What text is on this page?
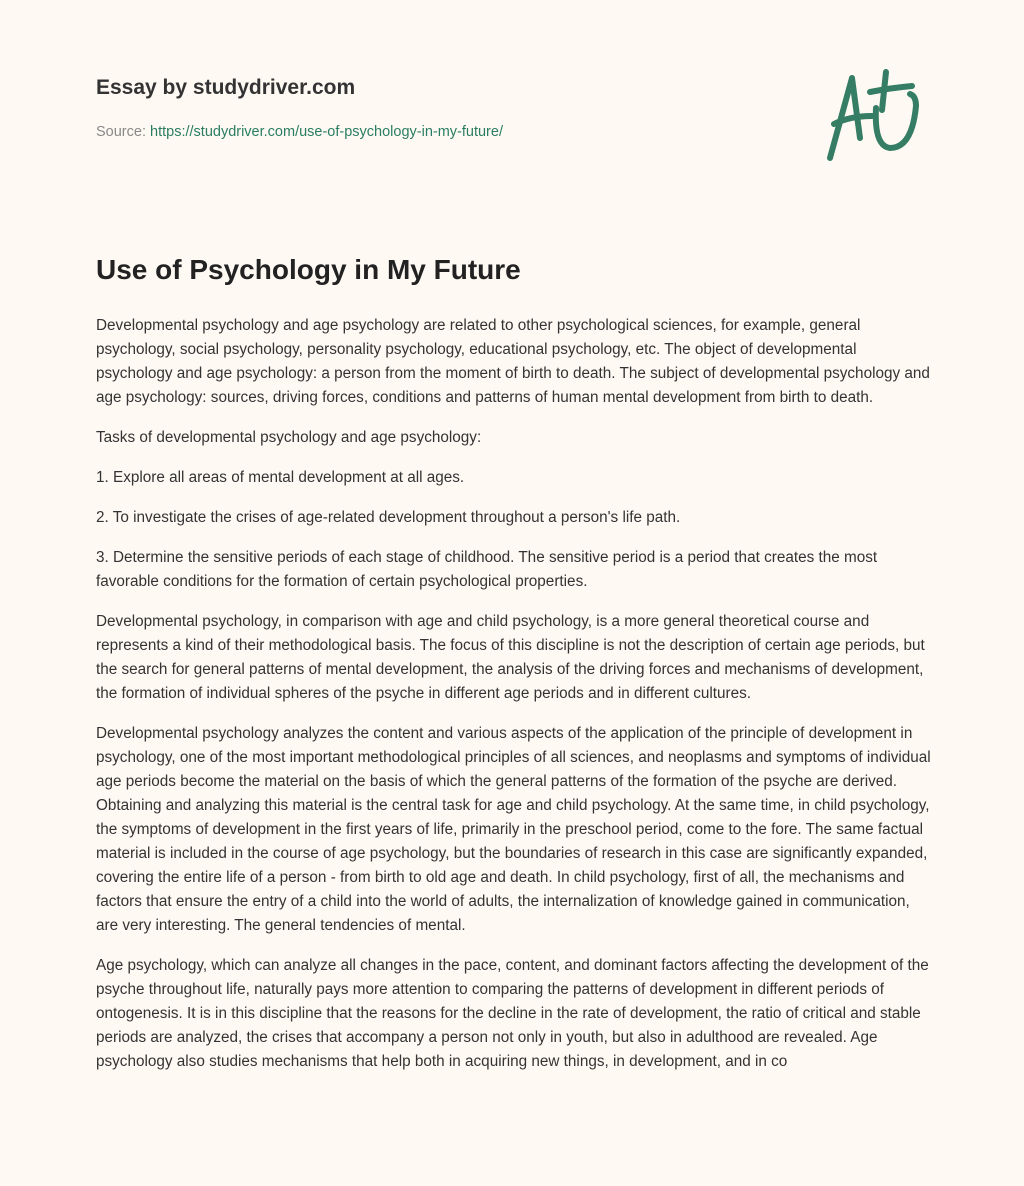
Essay by studydriver.com
Source: https://studydriver.com/use-of-psychology-in-my-future/
Use of Psychology in My Future

Developmental psychology and age psychology are related to other psychological sciences, for example, general psychology, social psychology, personality psychology, educational psychology, etc. The object of developmental psychology and age psychology: a person from the moment of birth to death. The subject of developmental psychology and age psychology: sources, driving forces, conditions and patterns of human mental development from birth to death.

Tasks of developmental psychology and age psychology:

1. Explore all areas of mental development at all ages.

2. To investigate the crises of age-related development throughout a person's life path.

3. Determine the sensitive periods of each stage of childhood. The sensitive period is a period that creates the most favorable conditions for the formation of certain psychological properties.

Developmental psychology, in comparison with age and child psychology, is a more general theoretical course and represents a kind of their methodological basis. The focus of this discipline is not the description of certain age periods, but the search for general patterns of mental development, the analysis of the driving forces and mechanisms of development, the formation of individual spheres of the psyche in different age periods and in different cultures.

Developmental psychology analyzes the content and various aspects of the application of the principle of development in psychology, one of the most important methodological principles of all sciences, and neoplasms and symptoms of individual age periods become the material on the basis of which the general patterns of the formation of the psyche are derived. Obtaining and analyzing this material is the central task for age and child psychology. At the same time, in child psychology, the symptoms of development in the first years of life, primarily in the preschool period, come to the fore. The same factual material is included in the course of age psychology, but the boundaries of research in this case are significantly expanded, covering the entire life of a person - from birth to old age and death. In child psychology, first of all, the mechanisms and factors that ensure the entry of a child into the world of adults, the internalization of knowledge gained in communication, are very interesting. The general tendencies of mental.

Age psychology, which can analyze all changes in the pace, content, and dominant factors affecting the development of the psyche throughout life, naturally pays more attention to comparing the patterns of development in different periods of ontogenesis. It is in this discipline that the reasons for the decline in the rate of development, the ratio of critical and stable periods are analyzed, the crises that accompany a person not only in youth, but also in adulthood are revealed. Age psychology also studies mechanisms that help both in acquiring new things, in development, and in co
